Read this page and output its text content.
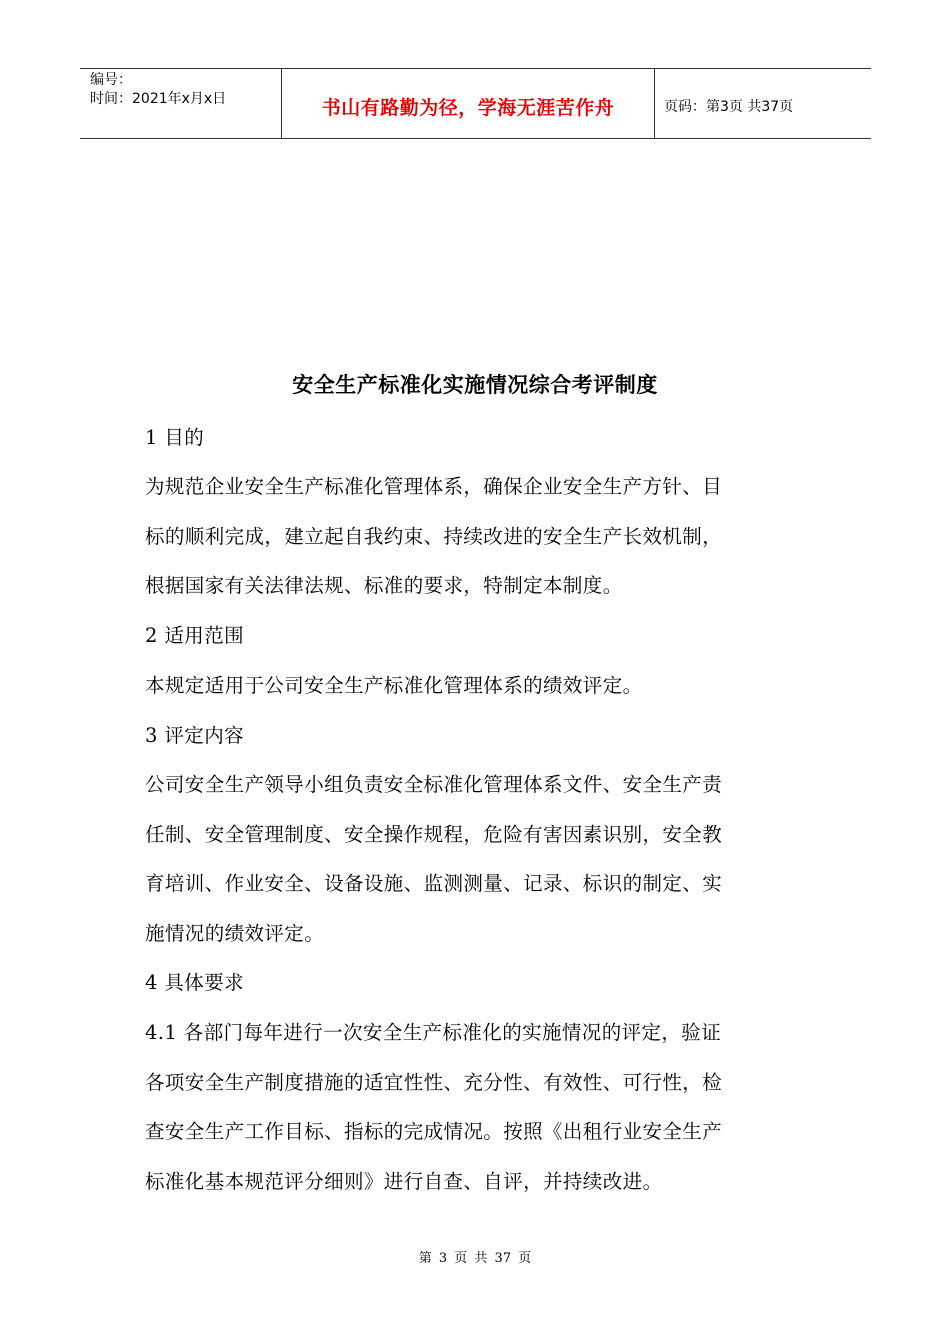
编号：
时间：2021年x月x日	书山有路勤为径，学海无涯苦作舟	页码：第3页 共37页
安全生产标准化实施情况综合考评制度
1 目的
为规范企业安全生产标准化管理体系，确保企业安全生产方针、目
标的顺利完成，建立起自我约束、持续改进的安全生产长效机制，
根据国家有关法律法规、标准的要求，特制定本制度。
2 适用范围
本规定适用于公司安全生产标准化管理体系的绩效评定。
3 评定内容
公司安全生产领导小组负责安全标准化管理体系文件、安全生产责
任制、安全管理制度、安全操作规程，危险有害因素识别，安全教
育培训、作业安全、设备设施、监测测量、记录、标识的制定、实
施情况的绩效评定。
4 具体要求
4.1 各部门每年进行一次安全生产标准化的实施情况的评定，验证
各项安全生产制度措施的适宜性性、充分性、有效性、可行性，检
查安全生产工作目标、指标的完成情况。按照《出租行业安全生产
标准化基本规范评分细则》进行自查、自评，并持续改进。
第 3 页 共 37 页
